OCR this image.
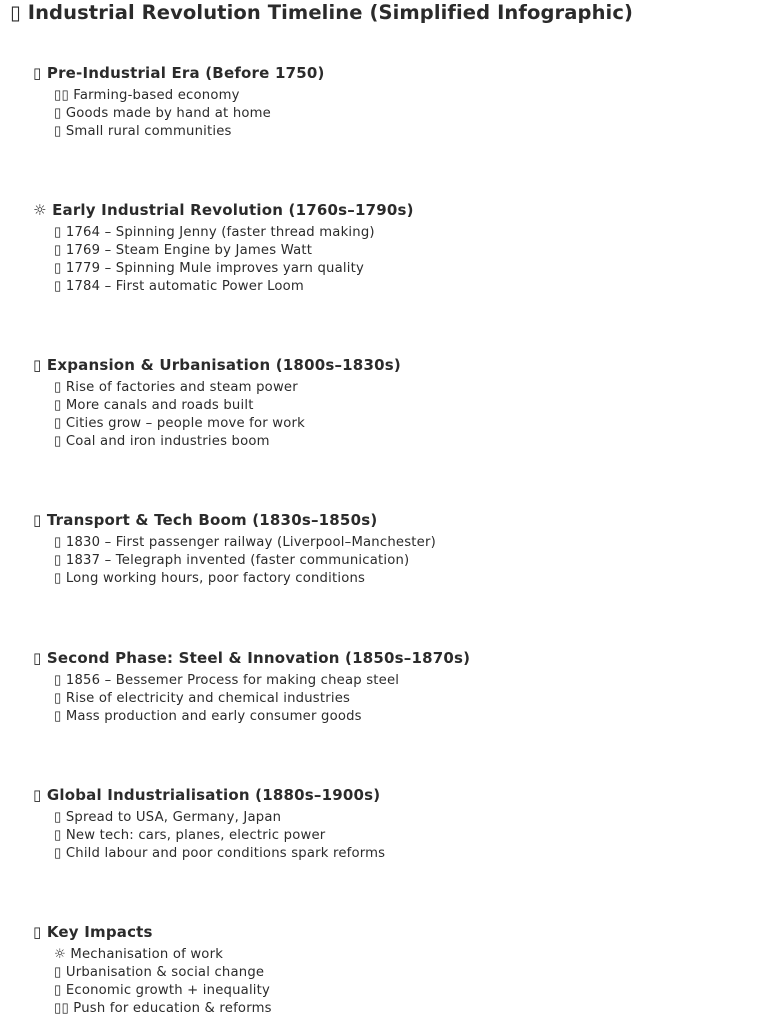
▯ Industrial Revolution Timeline (Simplified Infographic)
▯ Pre-Industrial Era (Before 1750)
▯▯ Farming-based economy
▯ Goods made by hand at home
▯ Small rural communities
☼ Early Industrial Revolution (1760s–1790s)
▯ 1764 – Spinning Jenny (faster thread making)
▯ 1769 – Steam Engine by James Watt
▯ 1779 – Spinning Mule improves yarn quality
▯ 1784 – First automatic Power Loom
▯ Expansion & Urbanisation (1800s–1830s)
▯ Rise of factories and steam power
▯ More canals and roads built
▯ Cities grow – people move for work
▯ Coal and iron industries boom
▯ Transport & Tech Boom (1830s–1850s)
▯ 1830 – First passenger railway (Liverpool–Manchester)
▯ 1837 – Telegraph invented (faster communication)
▯ Long working hours, poor factory conditions
▯ Second Phase: Steel & Innovation (1850s–1870s)
▯ 1856 – Bessemer Process for making cheap steel
▯ Rise of electricity and chemical industries
▯ Mass production and early consumer goods
▯ Global Industrialisation (1880s–1900s)
▯ Spread to USA, Germany, Japan
▯ New tech: cars, planes, electric power
▯ Child labour and poor conditions spark reforms
▯ Key Impacts
☼ Mechanisation of work
▯ Urbanisation & social change
▯ Economic growth + inequality
▯▯ Push for education & reforms
